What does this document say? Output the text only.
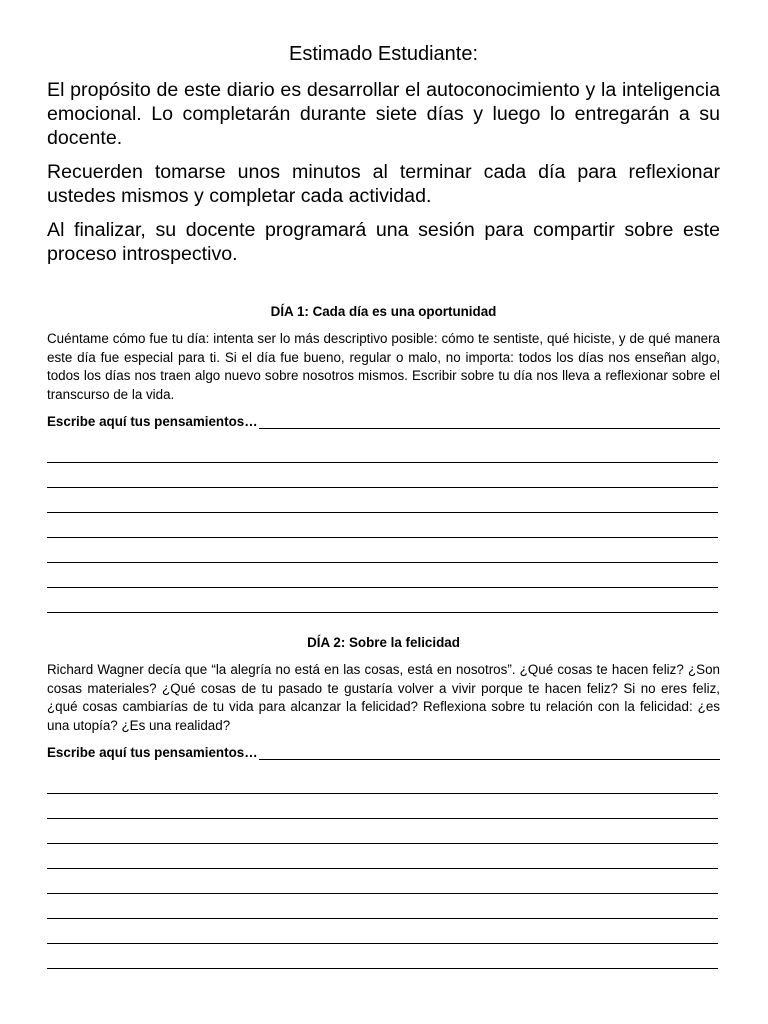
Estimado Estudiante:

El propósito de este diario es desarrollar el autoconocimiento y la inteligencia emocional. Lo completarán durante siete días y luego lo entregarán a su docente.

Recuerden tomarse unos minutos al terminar cada día para reflexionar ustedes mismos y completar cada actividad.

Al finalizar, su docente programará una sesión para compartir sobre este proceso introspectivo.

DÍA 1: Cada día es una oportunidad

Cuéntame cómo fue tu día: intenta ser lo más descriptivo posible: cómo te sentiste, qué hiciste, y de qué manera este día fue especial para ti. Si el día fue bueno, regular o malo, no importa: todos los días nos enseñan algo, todos los días nos traen algo nuevo sobre nosotros mismos. Escribir sobre tu día nos lleva a reflexionar sobre el transcurso de la vida.

Escribe aquí tus pensamientos…

DÍA 2: Sobre la felicidad

Richard Wagner decía que “la alegría no está en las cosas, está en nosotros”. ¿Qué cosas te hacen feliz? ¿Son cosas materiales? ¿Qué cosas de tu pasado te gustaría volver a vivir porque te hacen feliz? Si no eres feliz, ¿qué cosas cambiarías de tu vida para alcanzar la felicidad? Reflexiona sobre tu relación con la felicidad: ¿es una utopía? ¿Es una realidad?

Escribe aquí tus pensamientos…
